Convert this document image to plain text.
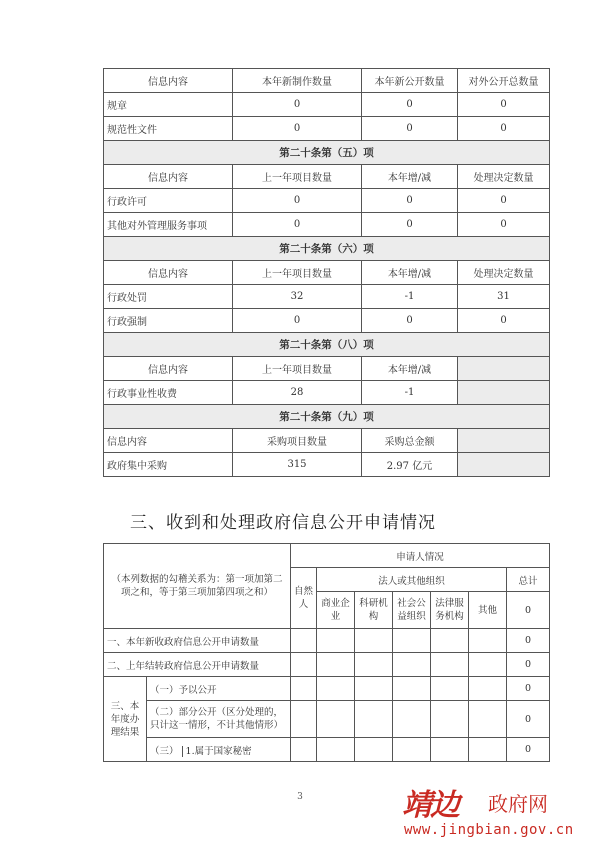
信息内容	本年新制作数量	本年新公开数量	对外公开总数量
规章	0	0	0
规范性文件	0	0	0
第二十条第（五）项			
信息内容	上一年项目数量	本年增/减	处理决定数量
行政许可	0	0	0
其他对外管理服务事项	0	0	0
第二十条第（六）项			
信息内容	上一年项目数量	本年增/减	处理决定数量
行政处罚	32	-1	31
行政强制	0	0	0
第二十条第（八）项			
信息内容	上一年项目数量	本年增/减	
行政事业性收费	28	-1	
第二十条第（九）项			
信息内容	采购项目数量	采购总金额	
政府集中采购	315	2.97 亿元	
三、收到和处理政府信息公开申请情况
（本列数据的勾稽关系为：第一项加第二项之和，等于第三项加第四项之和）		申请人情况						
		自然人	法人或其他组织					总计
			商业企业	科研机构	社会公益组织	法律服务机构	其他	0
一、本年新收政府信息公开申请数量								0
二、上年结转政府信息公开申请数量								0
三、本年度办理结果	（一）予以公开							0
	（二）部分公开（区分处理的，只计这一情形，不计其他情形）							0
	（三） 1.属于国家秘密							0
3	靖边 政府网
www.jingbian.gov.cn
